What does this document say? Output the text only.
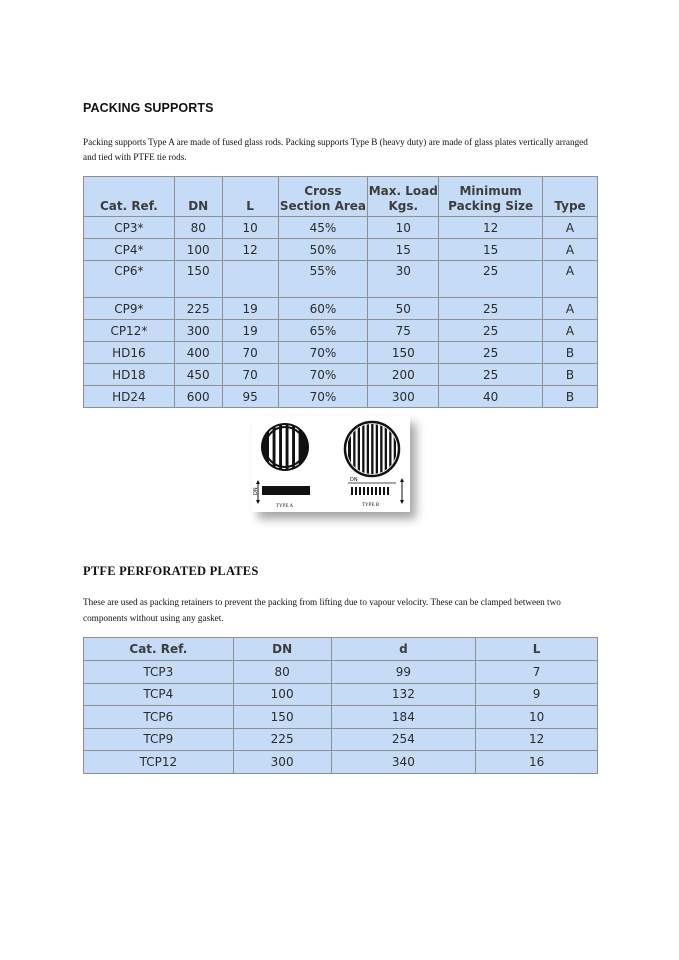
PACKING SUPPORTS
Packing supports Type A are made of fused glass rods. Packing supports Type B (heavy duty) are made of glass plates vertically arranged and tied with PTFE tie rods.
Cat. Ref.	DN	L	Cross Section Area	Max. Load Kgs.	Minimum Packing Size	Type
CP3*	80	10	45%	10	12	A
CP4*	100	12	50%	15	15	A
CP6*	150		55%	30	25	A
CP9*	225	19	60%	50	25	A
CP12*	300	19	65%	75	25	A
HD16	400	70	70%	150	25	B
HD18	450	70	70%	200	25	B
HD24	600	95	70%	300	40	B
DN
TYPE A
DN
TYPE B
PTFE PERFORATED PLATES
These are used as packing retainers to prevent the packing from lifting due to vapour velocity. These can be clamped between two components without using any gasket.
Cat. Ref.	DN	d	L
TCP3	80	99	7
TCP4	100	132	9
TCP6	150	184	10
TCP9	225	254	12
TCP12	300	340	16
